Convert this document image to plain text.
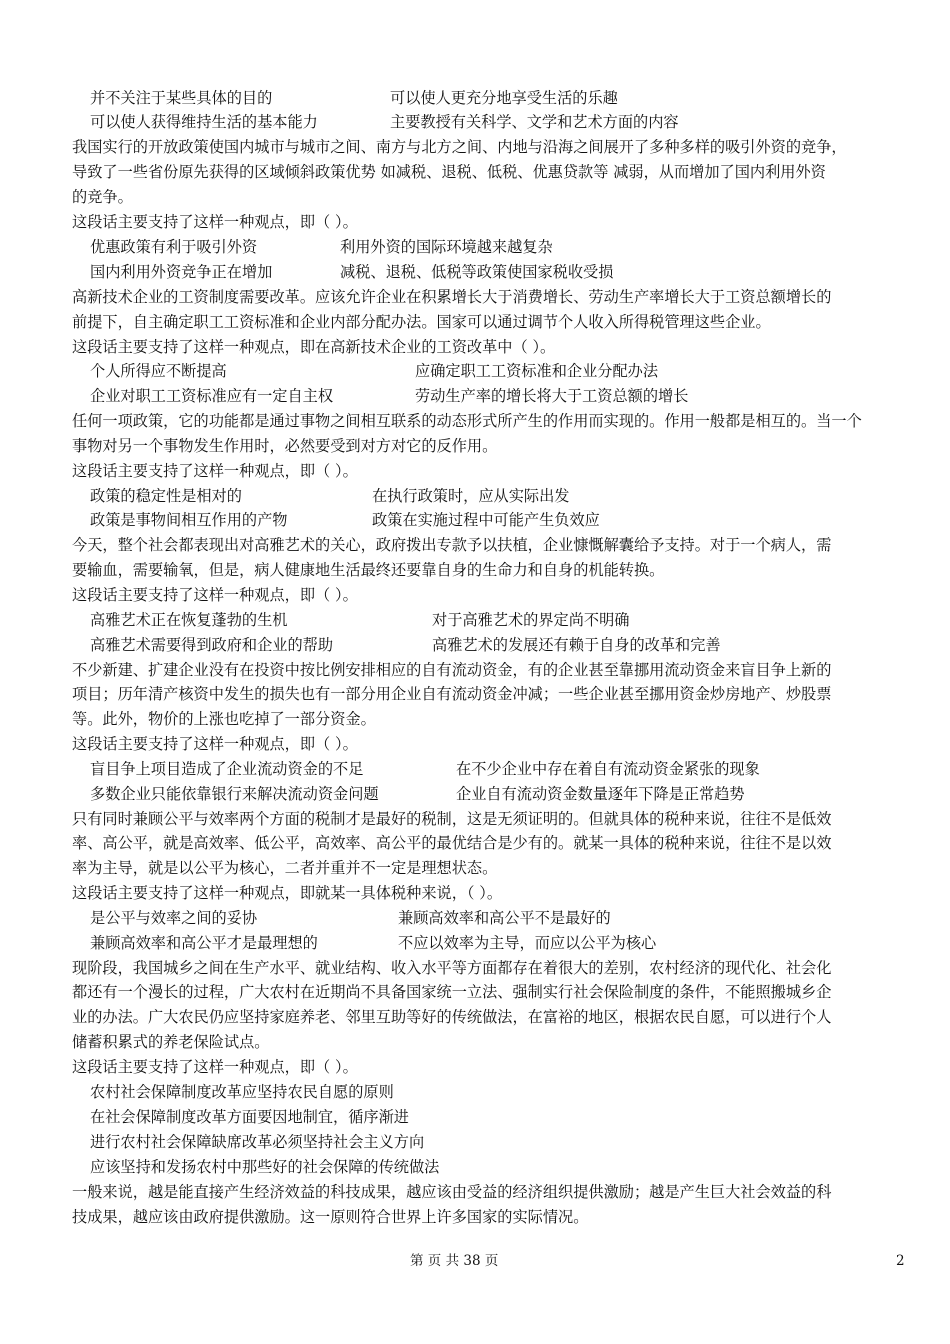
并不关注于某些具体的目的	可以使人更充分地享受生活的乐趣
可以使人获得维持生活的基本能力	主要教授有关科学、文学和艺术方面的内容
我国实行的开放政策使国内城市与城市之间、南方与北方之间、内地与沿海之间展开了多种多样的吸引外资的竞争，
导致了一些省份原先获得的区域倾斜政策优势 如减税、退税、低税、优惠贷款等 减弱，从而增加了国内利用外资
的竞争。
这段话主要支持了这样一种观点，即（ ）。
优惠政策有利于吸引外资	利用外资的国际环境越来越复杂
国内利用外资竞争正在增加	减税、退税、低税等政策使国家税收受损
高新技术企业的工资制度需要改革。应该允许企业在积累增长大于消费增长、劳动生产率增长大于工资总额增长的
前提下，自主确定职工工资标准和企业内部分配办法。国家可以通过调节个人收入所得税管理这些企业。
这段话主要支持了这样一种观点，即在高新技术企业的工资改革中（ ）。
个人所得应不断提高	应确定职工工资标准和企业分配办法
企业对职工工资标准应有一定自主权	劳动生产率的增长将大于工资总额的增长
任何一项政策，它的功能都是通过事物之间相互联系的动态形式所产生的作用而实现的。作用一般都是相互的。当一个
事物对另一个事物发生作用时，必然要受到对方对它的反作用。
这段话主要支持了这样一种观点，即（ ）。
政策的稳定性是相对的	在执行政策时，应从实际出发
政策是事物间相互作用的产物	政策在实施过程中可能产生负效应
今天，整个社会都表现出对高雅艺术的关心，政府拨出专款予以扶植，企业慷慨解囊给予支持。对于一个病人，需
要输血，需要输氧，但是，病人健康地生活最终还要靠自身的生命力和自身的机能转换。
这段话主要支持了这样一种观点，即（ ）。
高雅艺术正在恢复蓬勃的生机	对于高雅艺术的界定尚不明确
高雅艺术需要得到政府和企业的帮助	高雅艺术的发展还有赖于自身的改革和完善
不少新建、扩建企业没有在投资中按比例安排相应的自有流动资金，有的企业甚至靠挪用流动资金来盲目争上新的
项目；历年清产核资中发生的损失也有一部分用企业自有流动资金冲减；一些企业甚至挪用资金炒房地产、炒股票
等。此外，物价的上涨也吃掉了一部分资金。
这段话主要支持了这样一种观点，即（ ）。
盲目争上项目造成了企业流动资金的不足	在不少企业中存在着自有流动资金紧张的现象
多数企业只能依靠银行来解决流动资金问题	企业自有流动资金数量逐年下降是正常趋势
只有同时兼顾公平与效率两个方面的税制才是最好的税制，这是无须证明的。但就具体的税种来说，往往不是低效
率、高公平，就是高效率、低公平，高效率、高公平的最优结合是少有的。就某一具体的税种来说，往往不是以效
率为主导，就是以公平为核心，二者并重并不一定是理想状态。
这段话主要支持了这样一种观点，即就某一具体税种来说，（ ）。
是公平与效率之间的妥协	兼顾高效率和高公平不是最好的
兼顾高效率和高公平才是最理想的	不应以效率为主导，而应以公平为核心
现阶段，我国城乡之间在生产水平、就业结构、收入水平等方面都存在着很大的差别，农村经济的现代化、社会化
都还有一个漫长的过程，广大农村在近期尚不具备国家统一立法、强制实行社会保险制度的条件，不能照搬城乡企
业的办法。广大农民仍应坚持家庭养老、邻里互助等好的传统做法，在富裕的地区，根据农民自愿，可以进行个人
储蓄积累式的养老保险试点。
这段话主要支持了这样一种观点，即（ ）。
农村社会保障制度改革应坚持农民自愿的原则
在社会保障制度改革方面要因地制宜，循序渐进
进行农村社会保障缺席改革必须坚持社会主义方向
应该坚持和发扬农村中那些好的社会保障的传统做法
一般来说，越是能直接产生经济效益的科技成果，越应该由受益的经济组织提供激励；越是产生巨大社会效益的科
技成果，越应该由政府提供激励。这一原则符合世界上许多国家的实际情况。
第 页 共 38 页	2
